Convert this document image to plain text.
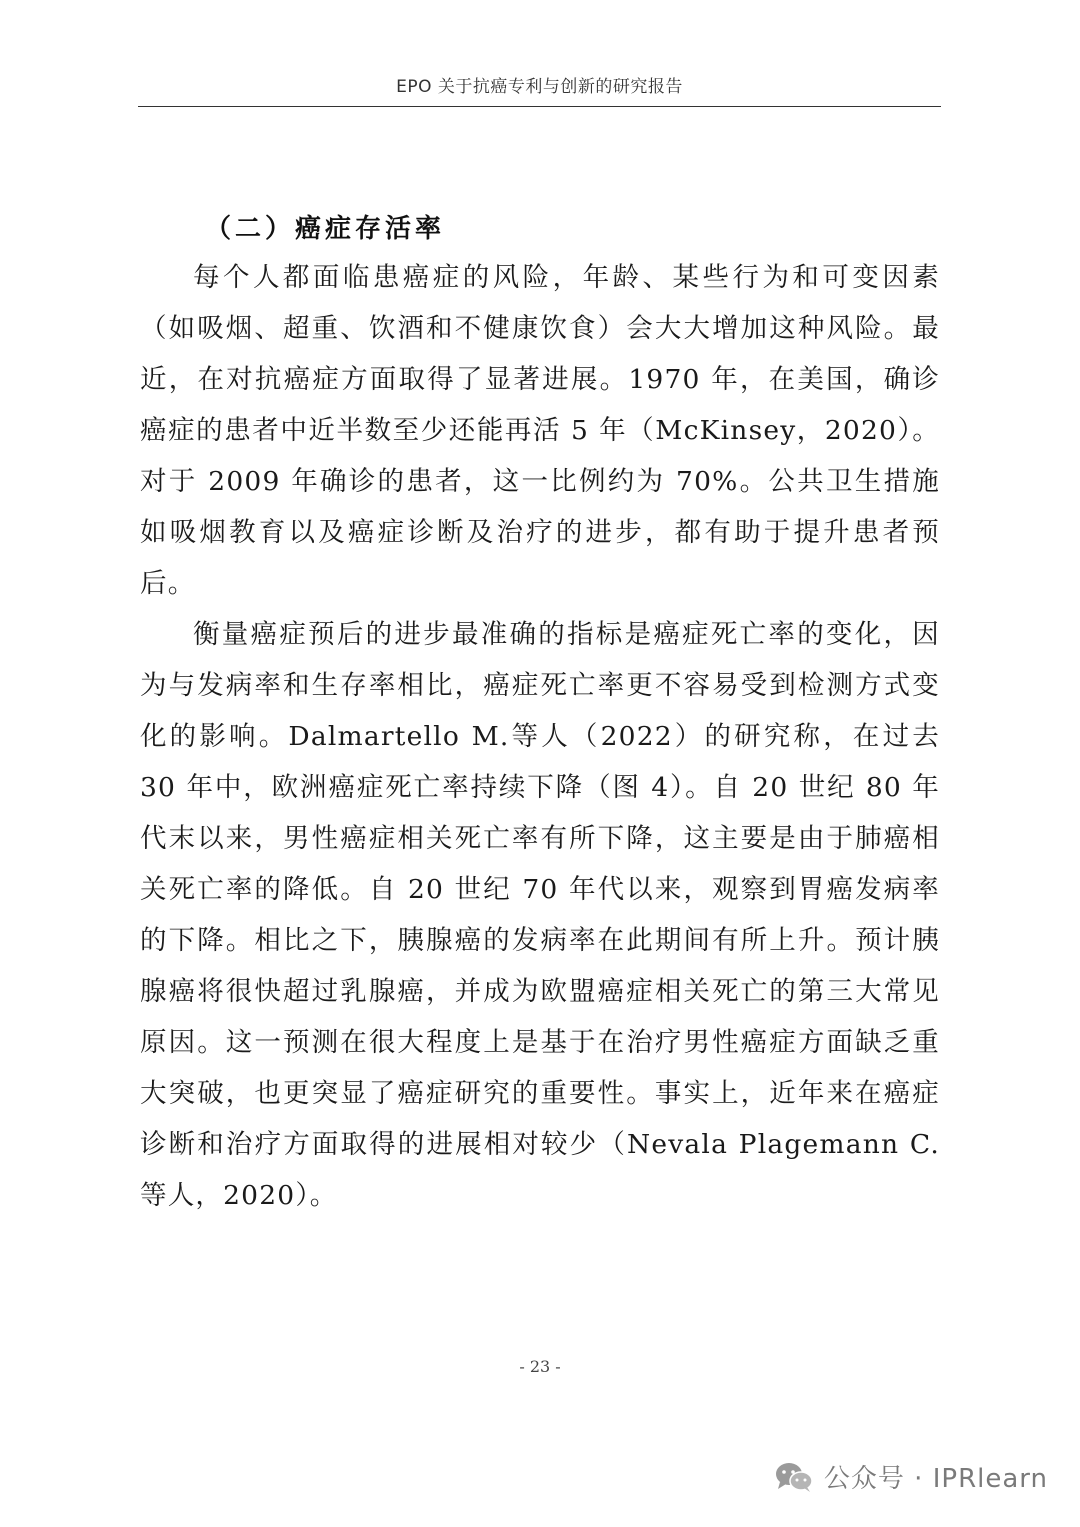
EPO 关于抗癌专利与创新的研究报告
（二）癌症存活率

每个人都面临患癌症的风险，年龄、某些行为和可变因素（如吸烟、超重、饮酒和不健康饮食）会大大增加这种风险。最近，在对抗癌症方面取得了显著进展。1970 年，在美国，确诊癌症的患者中近半数至少还能再活 5 年（McKinsey，2020）。对于 2009 年确诊的患者，这一比例约为 70%。公共卫生措施如吸烟教育以及癌症诊断及治疗的进步，都有助于提升患者预后。

衡量癌症预后的进步最准确的指标是癌症死亡率的变化，因为与发病率和生存率相比，癌症死亡率更不容易受到检测方式变化的影响。Dalmartello M.等人（2022）的研究称，在过去 30 年中，欧洲癌症死亡率持续下降（图 4）。自 20 世纪 80 年代末以来，男性癌症相关死亡率有所下降，这主要是由于肺癌相关死亡率的降低。自 20 世纪 70 年代以来，观察到胃癌发病率的下降。相比之下，胰腺癌的发病率在此期间有所上升。预计胰腺癌将很快超过乳腺癌，并成为欧盟癌症相关死亡的第三大常见原因。这一预测在很大程度上是基于在治疗男性癌症方面缺乏重大突破，也更突显了癌症研究的重要性。事实上，近年来在癌症诊断和治疗方面取得的进展相对较少（Nevala Plagemann C.等人，2020）。

- 23 -
公众号 · IPRlearn
